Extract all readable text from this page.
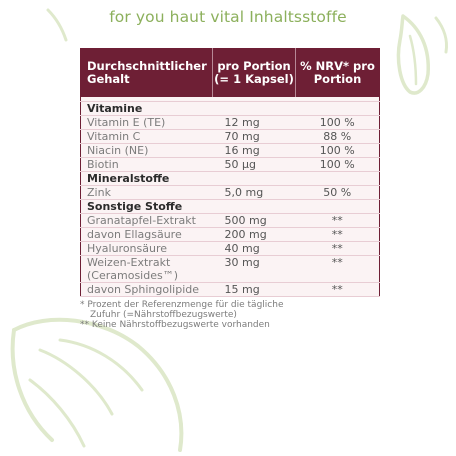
for you haut vital Inhaltsstoffe
Durchschnittlicher Gehalt	pro Portion (= 1 Kapsel)	% NRV* pro Portion

Vitamine		
Vitamin E (TE)	12 mg	100 %
Vitamin C	70 mg	88 %
Niacin (NE)	16 mg	100 %
Biotin	50 µg	100 %
Mineralstoffe		
Zink	5,0 mg	50 %
Sonstige Stoffe		
Granatapfel-Extrakt	500 mg	**
davon Ellagsäure	200 mg	**
Hyaluronsäure	40 mg	**
Weizen-Extrakt (Ceramosides™)	30 mg	**
davon Sphingolipide	15 mg	**
* Prozent der Referenzmenge für die tägliche
Zufuhr (=Nährstoffbezugswerte)
** Keine Nährstoffbezugswerte vorhanden
